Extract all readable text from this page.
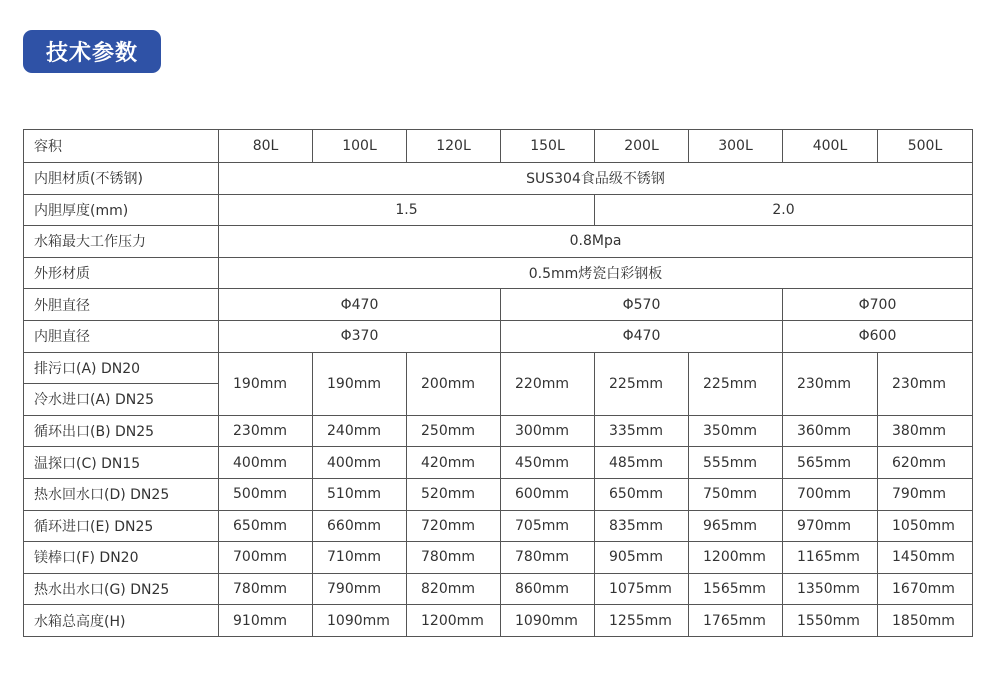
技术参数
容积	80L	100L	120L	150L	200L	300L	400L	500L
内胆材质(不锈钢)	SUS304食品级不锈钢							
内胆厚度(mm)	1.5				2.0			
水箱最大工作压力	0.8Mpa							
外形材质	0.5mm烤瓷白彩钢板							
外胆直径	Φ470			Φ570			Φ700	
内胆直径	Φ370			Φ470			Φ600	
排污口(A) DN20	190mm	190mm	200mm	220mm	225mm	225mm	230mm	230mm
冷水进口(A) DN25								
循环出口(B) DN25	230mm	240mm	250mm	300mm	335mm	350mm	360mm	380mm
温探口(C) DN15	400mm	400mm	420mm	450mm	485mm	555mm	565mm	620mm
热水回水口(D) DN25	500mm	510mm	520mm	600mm	650mm	750mm	700mm	790mm
循环进口(E) DN25	650mm	660mm	720mm	705mm	835mm	965mm	970mm	1050mm
镁棒口(F) DN20	700mm	710mm	780mm	780mm	905mm	1200mm	1165mm	1450mm
热水出水口(G) DN25	780mm	790mm	820mm	860mm	1075mm	1565mm	1350mm	1670mm
水箱总高度(H)	910mm	1090mm	1200mm	1090mm	1255mm	1765mm	1550mm	1850mm
